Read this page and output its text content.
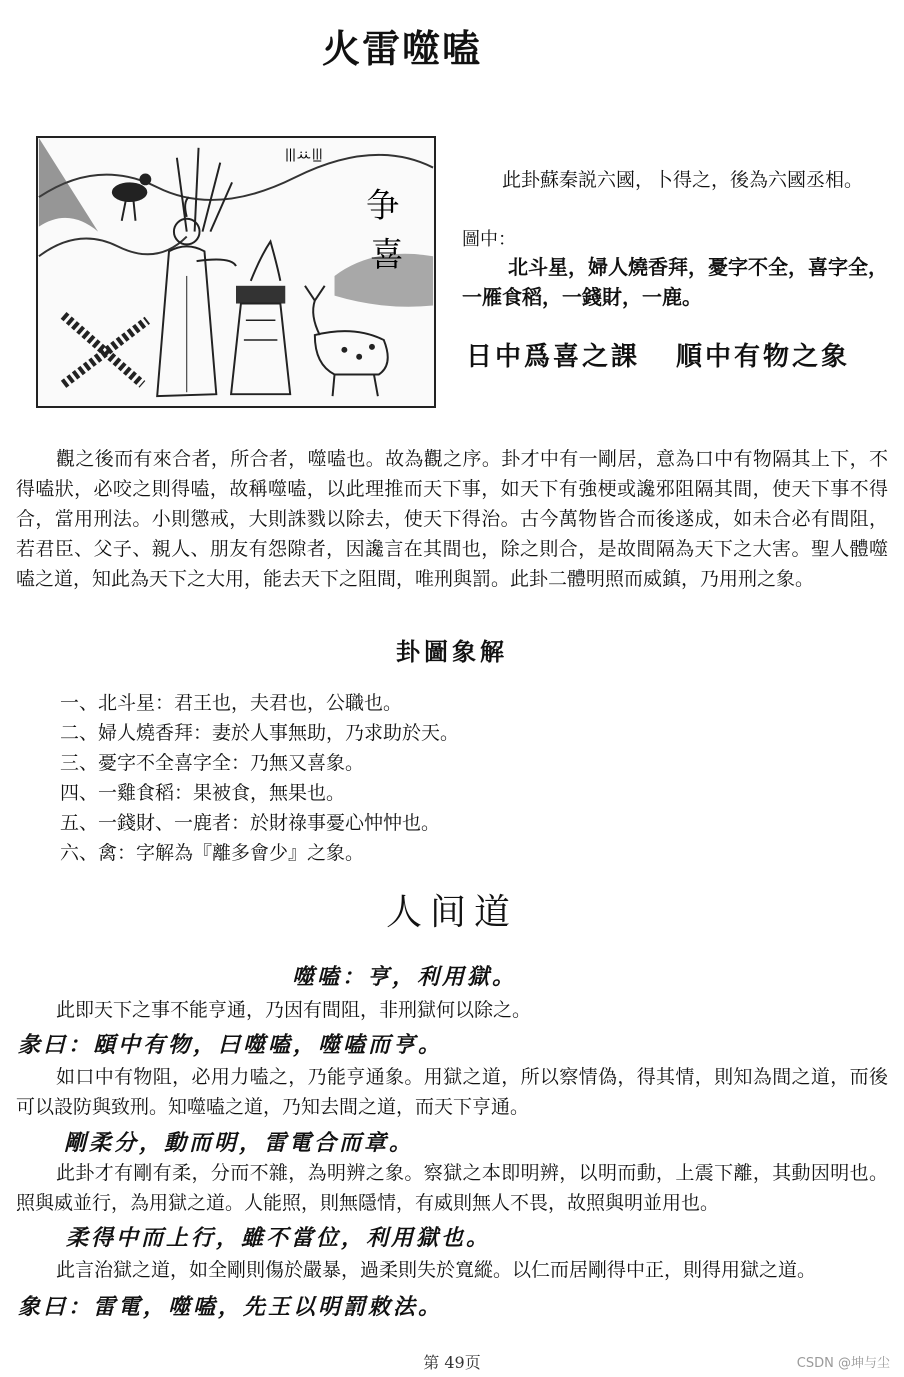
火雷噬嗑
ꔖꕁꔗ
争
喜
此卦蘇秦説六國，卜得之，後為六國丞相。
圖中：
北斗星，婦人燒香拜，憂字不全，喜字全，一雁食稻，一錢財，一鹿。
日中爲喜之課 順中有物之象
觀之後而有來合者，所合者，噬嗑也。故為觀之序。卦才中有一剛居，意為口中有物隔其上下，不得嗑狀，必咬之則得嗑，故稱噬嗑，以此理推而天下事，如天下有強梗或讒邪阻隔其間，使天下事不得合，當用刑法。小則懲戒，大則誅戮以除去，使天下得治。古今萬物皆合而後遂成，如未合必有間阻，若君臣、父子、親人、朋友有怨隙者，因讒言在其間也，除之則合，是故間隔為天下之大害。聖人體噬嗑之道，知此為天下之大用，能去天下之阻間，唯刑與罰。此卦二體明照而威鎮，乃用刑之象。
卦圖象解
一、北斗星：君王也，夫君也，公職也。
二、婦人燒香拜：妻於人事無助，乃求助於天。
三、憂字不全喜字全：乃無又喜象。
四、一雞食稻：果被食，無果也。
五、一錢財、一鹿者：於財祿事憂心忡忡也。
六、禽：字解為『離多會少』之象。
人间道
噬嗑：亨，利用獄。
此即天下之事不能亨通，乃因有間阻，非刑獄何以除之。
彖曰：頤中有物，曰噬嗑，噬嗑而亨。
如口中有物阻，必用力嗑之，乃能亨通象。用獄之道，所以察情偽，得其情，則知為間之道，而後可以設防與致刑。知噬嗑之道，乃知去間之道，而天下亨通。
剛柔分，動而明，雷電合而章。
此卦才有剛有柔，分而不雜，為明辨之象。察獄之本即明辨，以明而動，上震下離，其動因明也。照與威並行，為用獄之道。人能照，則無隱情，有威則無人不畏，故照與明並用也。
柔得中而上行，雖不當位，利用獄也。
此言治獄之道，如全剛則傷於嚴暴，過柔則失於寬縱。以仁而居剛得中正，則得用獄之道。
象曰：雷電，噬嗑，先王以明罰敕法。
第 49页	CSDN @坤与尘
